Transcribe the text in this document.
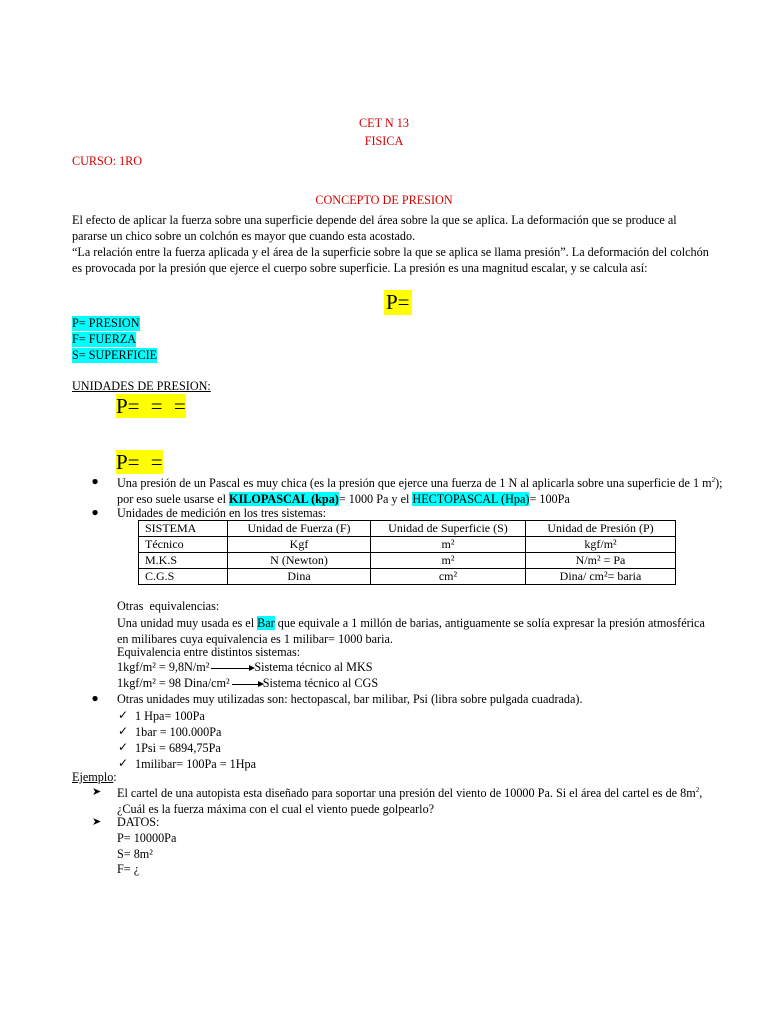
CET N 13
FISICA
CURSO: 1RO
CONCEPTO DE PRESION
El efecto de aplicar la fuerza sobre una superficie depende del área sobre la que se aplica. La deformación que se produce al pararse un chico sobre un colchón es mayor que cuando esta acostado.
“La relación entre la fuerza aplicada y el área de la superficie sobre la que se aplica se llama presión”. La deformación del colchón es provocada por la presión que ejerce el cuerpo sobre superficie. La presión es una magnitud escalar, y se calcula así:
P=
P= PRESION
F= FUERZA
S= SUPERFICIE
UNIDADES DE PRESION:
P= = =
P= =
● Una presión de un Pascal es muy chica (es la presión que ejerce una fuerza de 1 N al aplicarla sobre una superficie de 1 $m^2$); por eso suele usarse el KILOPASCAL (kpa)= 1000 Pa y el HECTOPASCAL (Hpa)= 100Pa
● Unidades de medición en los tres sistemas:
SISTEMA	Unidad de Fuerza (F)	Unidad de Superficie (S)	Unidad de Presión (P)
Técnico	Kgf	m²	kgf/m²
M.K.S	N (Newton)	m²	N/m² = Pa
C.G.S	Dina	cm²	Dina/ cm²= baria
Otras  equivalencias:
Una unidad muy usada es el Bar que equivale a 1 millón de barias, antiguamente se solía expresar la presión atmosférica en milibares cuya equivalencia es 1 milibar= 1000 baria.
Equivalencia entre distintos sistemas:
1kgf/m² = 9,8N/m²	Sistema técnico al MKS
1kgf/m² = 98 Dina/cm²	Sistema técnico al CGS
● Otras unidades muy utilizadas son: hectopascal, bar milibar, Psi (libra sobre pulgada cuadrada).
✓ 1 Hpa= 100Pa
✓ 1bar = 100.000Pa
✓ 1Psi = 6894,75Pa
✓ 1milibar= 100Pa = 1Hpa
Ejemplo:
➤ El cartel de una autopista esta diseñado para soportar una presión del viento de 10000 Pa. Si el área del cartel es de $8m^2$, ¿Cuál es la fuerza máxima con el cual el viento puede golpearlo?
➤ DATOS:
P= 10000Pa
S= 8m²
F= ¿
